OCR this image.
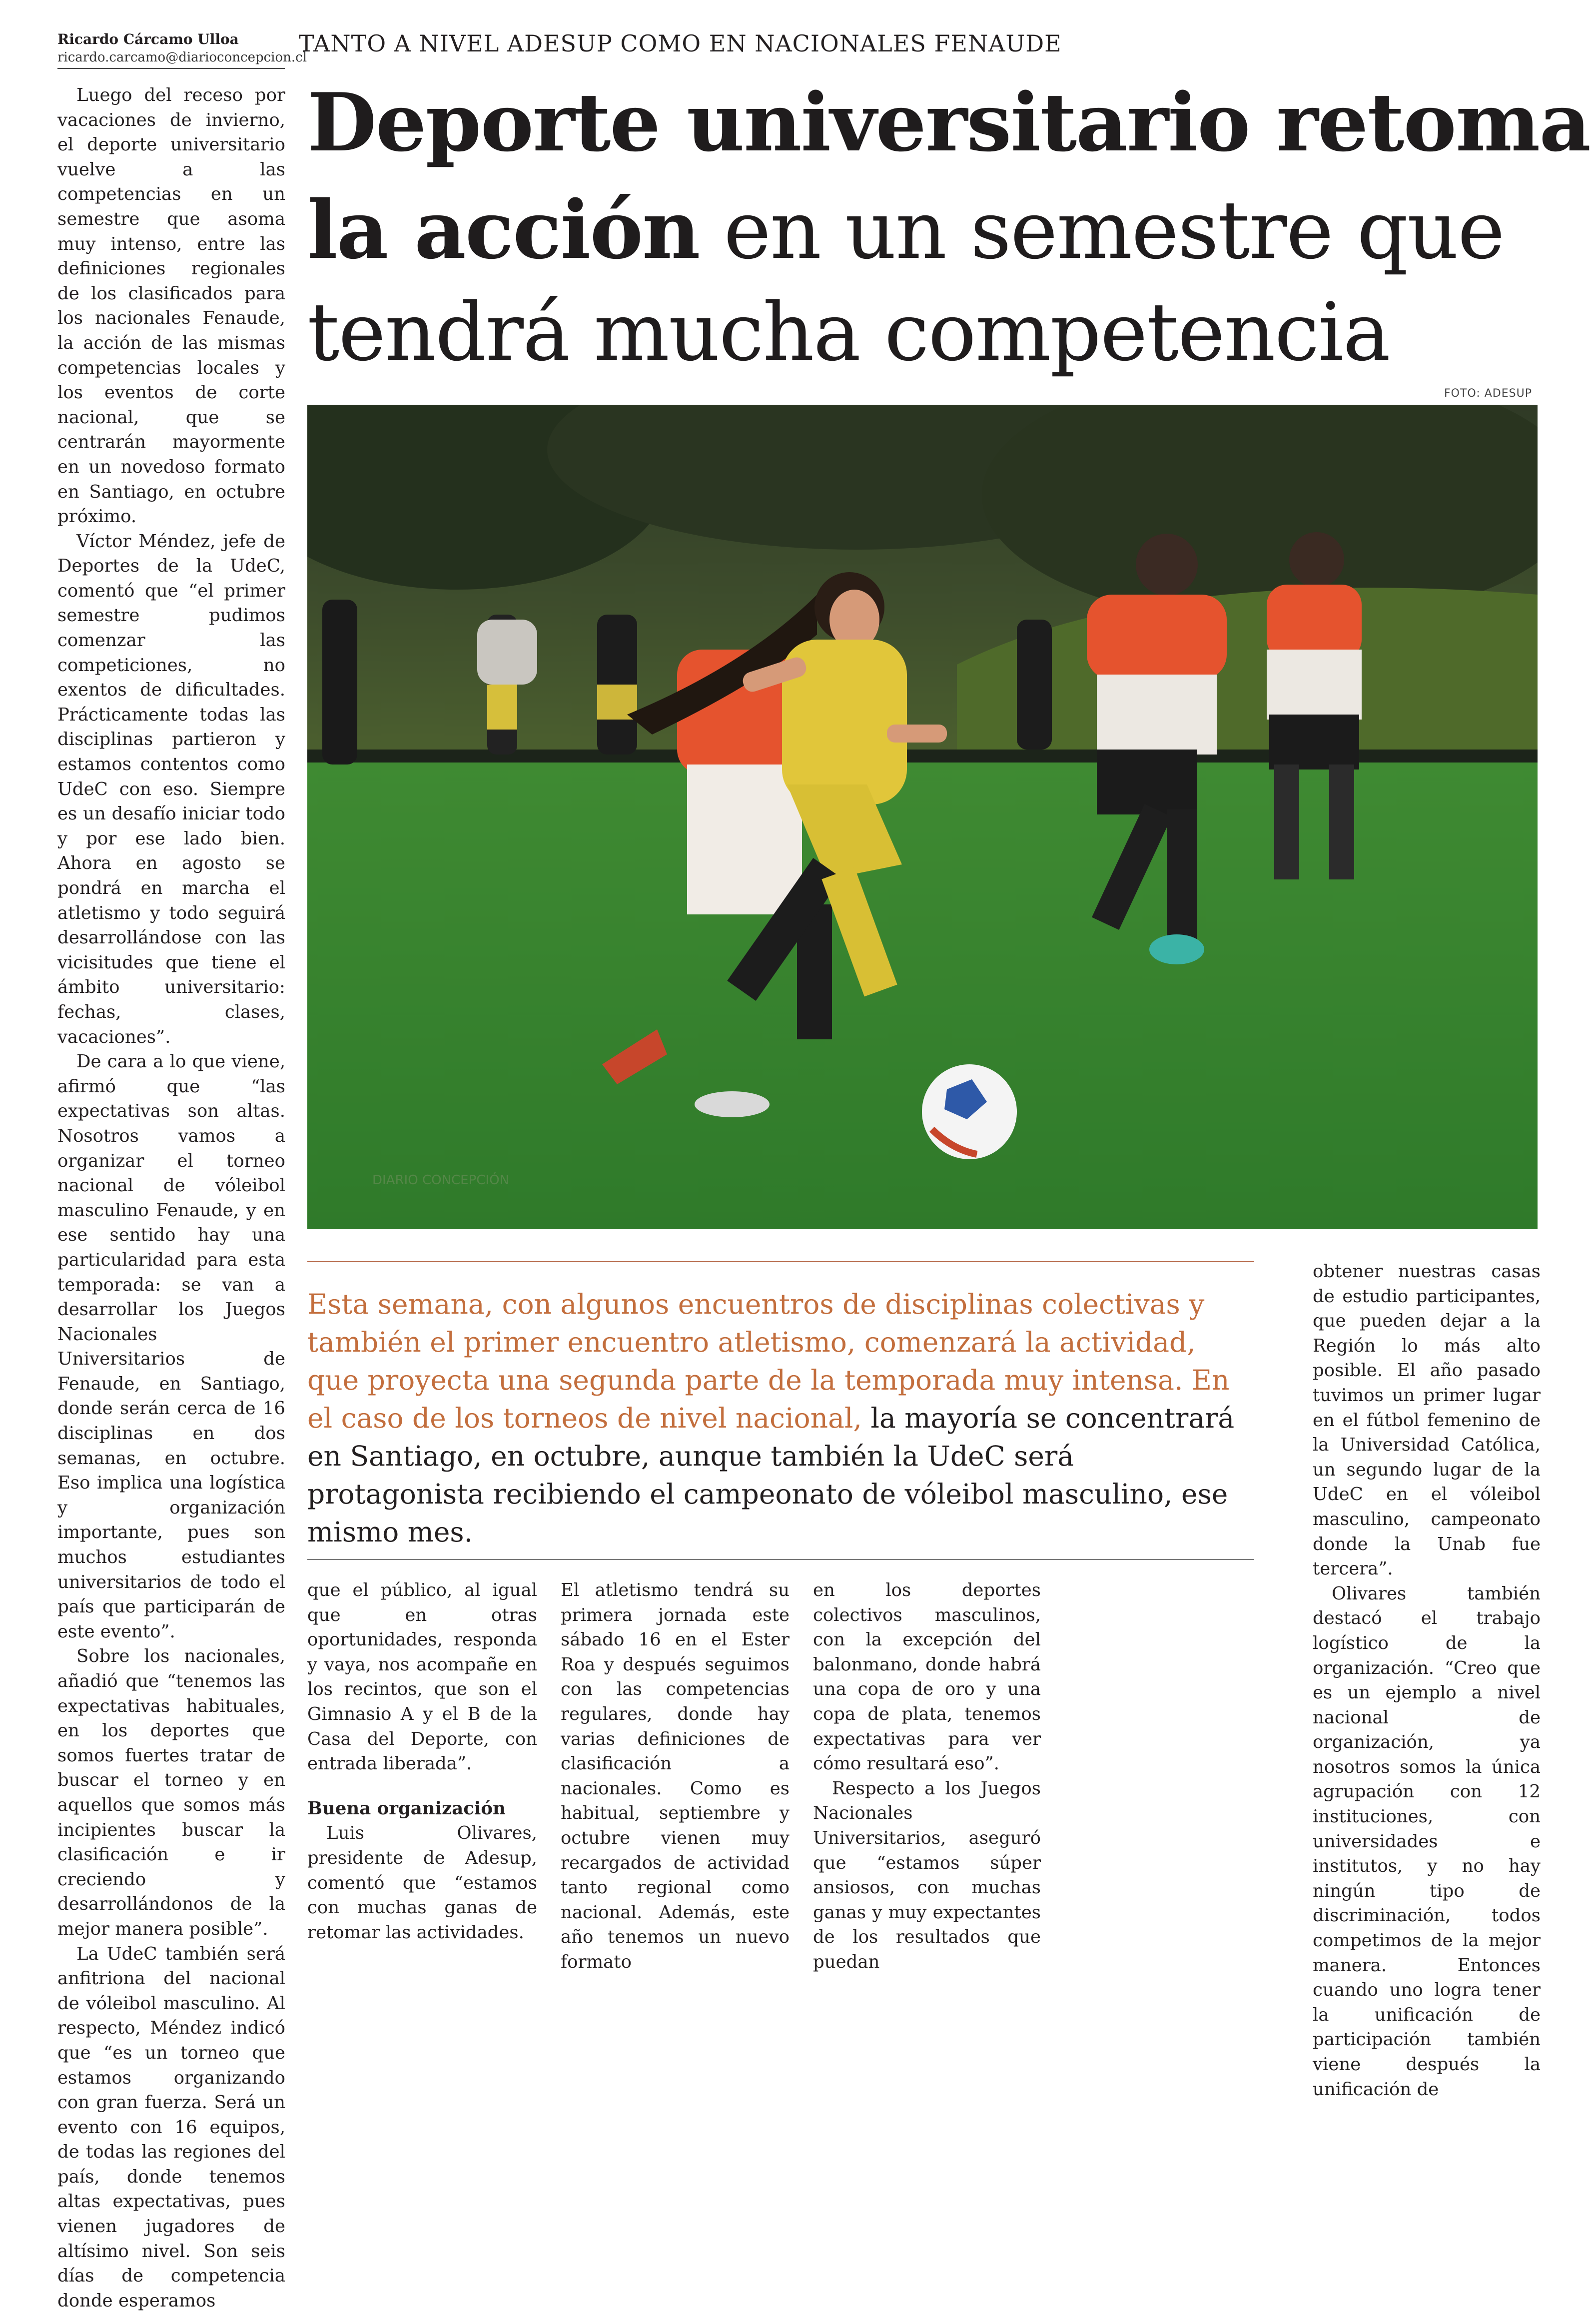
Ricardo Cárcamo Ulloa
ricardo.carcamo@diarioconcepcion.cl
TANTO A NIVEL ADESUP COMO EN NACIONALES FENAUDE
Deporte universitario retoma
la acción en un semestre que
tendrá mucha competencia
FOTO: ADESUP
DIARIO CONCEPCIÓN

Luego del receso por vacaciones de invierno, el deporte universitario vuelve a las competencias en un semestre que asoma muy intenso, entre las definiciones regionales de los clasificados para los nacionales Fenaude, la acción de las mismas competencias locales y los eventos de corte nacional, que se centrarán mayormente en un novedoso formato en Santiago, en octubre próximo.

Víctor Méndez, jefe de Deportes de la UdeC, comentó que “el primer semestre pudimos comenzar las competiciones, no exentos de dificultades. Prácticamente todas las disciplinas partieron y estamos contentos como UdeC con eso. Siempre es un desafío iniciar todo y por ese lado bien. Ahora en agosto se pondrá en marcha el atletismo y todo seguirá desarrollándose con las vicisitudes que tiene el ámbito universitario: fechas, clases, vacaciones”.

De cara a lo que viene, afirmó que “las expectativas son altas. Nosotros vamos a organizar el torneo nacional de vóleibol masculino Fenaude, y en ese sentido hay una particularidad para esta temporada: se van a desarrollar los Juegos Nacionales Universitarios de Fenaude, en Santiago, donde serán cerca de 16 disciplinas en dos semanas, en octubre. Eso implica una logística y organización importante, pues son muchos estudiantes universitarios de todo el país que participarán de este evento”.

Sobre los nacionales, añadió que “tenemos las expectativas habituales, en los deportes que somos fuertes tratar de buscar el torneo y en aquellos que somos más incipientes buscar la clasificación e ir creciendo y desarrollándonos de la mejor manera posible”.

La UdeC también será anfitriona del nacional de vóleibol masculino. Al respecto, Méndez indicó que “es un torneo que estamos organizando con gran fuerza. Será un evento con 16 equipos, de todas las regiones del país, donde tenemos altas expectativas, pues vienen jugadores de altísimo nivel. Son seis días de competencia donde esperamos

Esta semana, con algunos encuentros de disciplinas colectivas y también el primer encuentro atletismo, comenzará la actividad, que proyecta una segunda parte de la temporada muy intensa. En el caso de los torneos de nivel nacional, la mayoría se concentrará en Santiago, en octubre, aunque también la UdeC será protagonista recibiendo el campeonato de vóleibol masculino, ese mismo mes.

que el público, al igual que en otras oportunidades, responda y vaya, nos acompañe en los recintos, que son el Gimnasio A y el B de la Casa del Deporte, con entrada liberada”.

Buena organización

Luis Olivares, presidente de Adesup, comentó que “estamos con muchas ganas de retomar las actividades.

El atletismo tendrá su primera jornada este sábado 16 en el Ester Roa y después seguimos con las competencias regulares, donde hay varias definiciones de clasificación a nacionales. Como es habitual, septiembre y octubre vienen muy recargados de actividad tanto regional como nacional. Además, este año tenemos un nuevo formato

en los deportes colectivos masculinos, con la excepción del balonmano, donde habrá una copa de oro y una copa de plata, tenemos expectativas para ver cómo resultará eso”.

Respecto a los Juegos Nacionales Universitarios, aseguró que “estamos súper ansiosos, con muchas ganas y muy expectantes de los resultados que puedan

obtener nuestras casas de estudio participantes, que pueden dejar a la Región lo más alto posible. El año pasado tuvimos un primer lugar en el fútbol femenino de la Universidad Católica, un segundo lugar de la UdeC en el vóleibol masculino, campeonato donde la Unab fue tercera”.

Olivares también destacó el trabajo logístico de la organización. “Creo que es un ejemplo a nivel nacional de organización, ya nosotros somos la única agrupación con 12 instituciones, con universidades e institutos, y no hay ningún tipo de discriminación, todos competimos de la mejor manera. Entonces cuando uno logra tener la unificación de participación también viene después la unificación de
